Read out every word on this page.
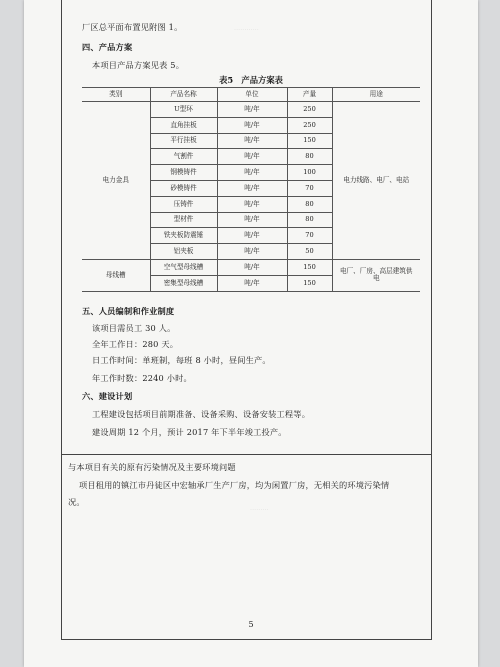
············
·········
厂区总平面布置见附图 1。
四、产品方案
本项目产品方案见表 5。
表5　产品方案表
类别	产品名称	单位	产量	用途
电力金具	U型环	吨/年	250	电力线路、电厂、电站
	直角挂板	吨/年	250	
	平行挂板	吨/年	150	
	气割件	吨/年	80	
	钢模铸件	吨/年	100	
	砂模铸件	吨/年	70	
	压铸件	吨/年	80	
	型材件	吨/年	80	
	铁夹板防震锤	吨/年	70	
	铝夹板	吨/年	50	
母线槽	空气型母线槽	吨/年	150	电厂、厂房、高层建筑供电
	密集型母线槽	吨/年	150	
五、人员编制和作业制度
该项目需员工 30 人。
全年工作日：280 天。
日工作时间：单班制，每班 8 小时，昼间生产。
年工作时数：2240 小时。
六、建设计划
工程建设包括项目前期准备、设备采购、设备安装工程等。
建设周期 12 个月，预计 2017 年下半年竣工投产。
与本项目有关的原有污染情况及主要环境问题
项目租用的镇江市丹徒区中宏轴承厂生产厂房，均为闲置厂房，无相关的环境污染情
况。
5
